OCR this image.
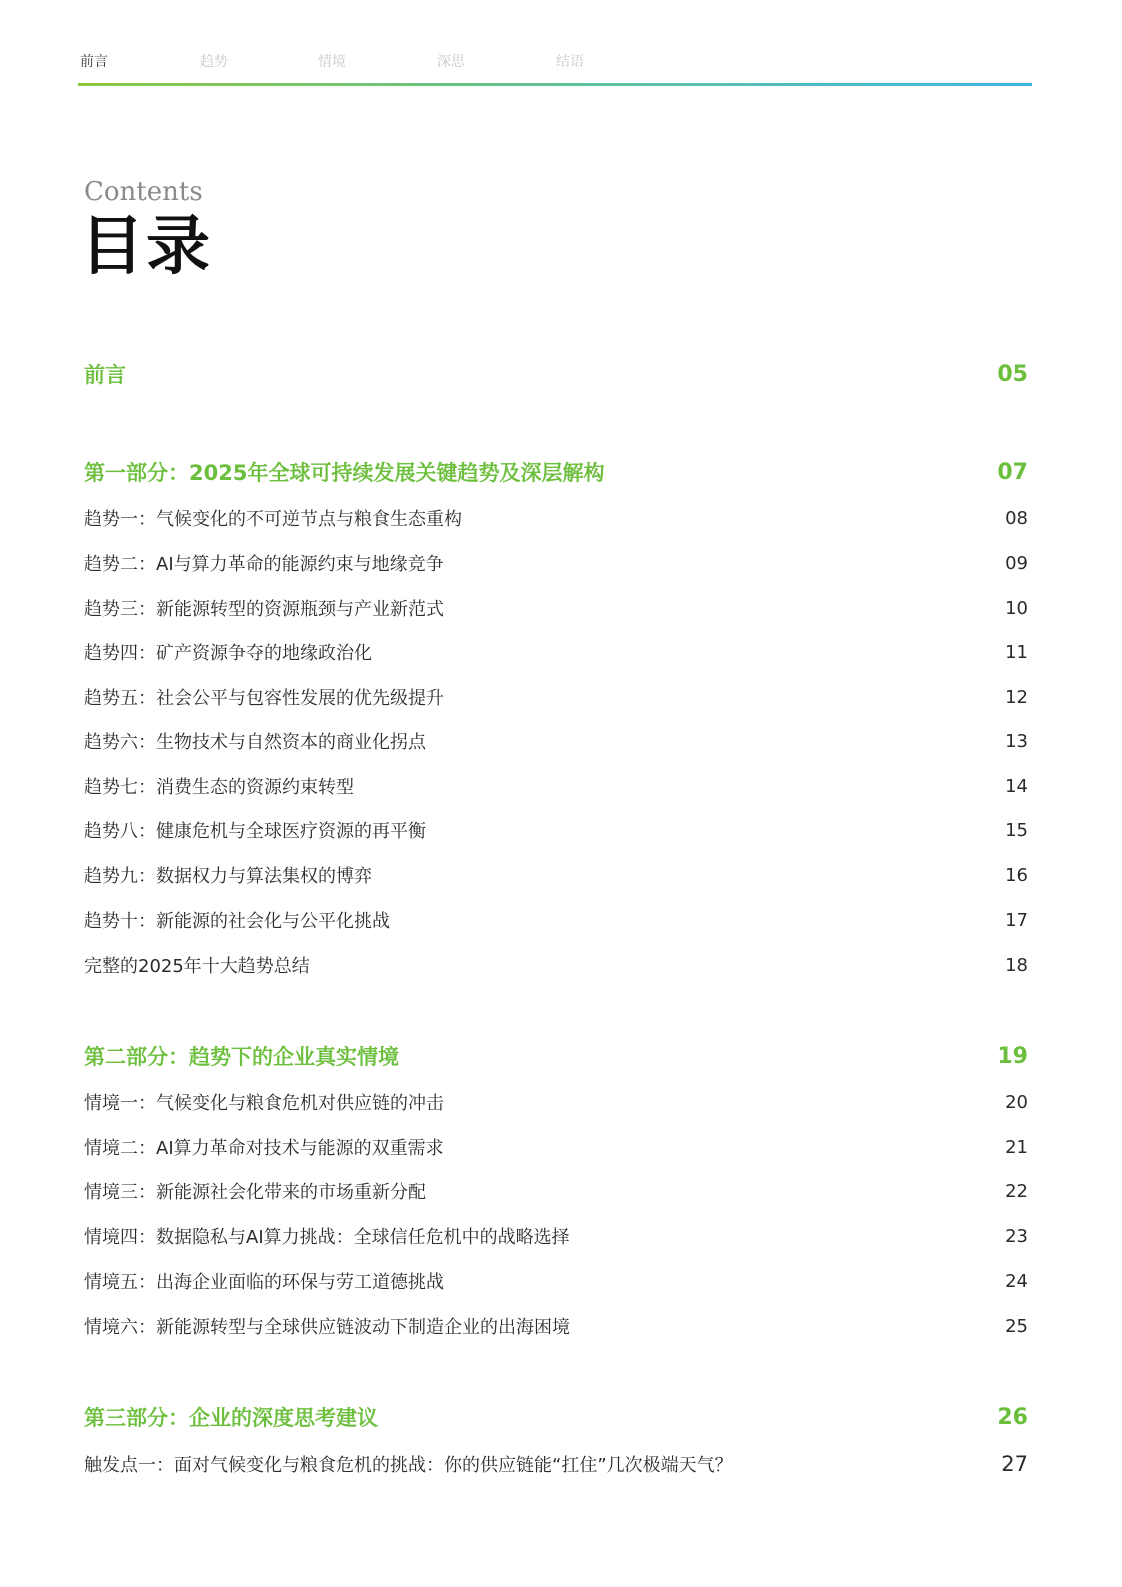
前言	趋势	情境	深思	结语
Contents
目录
前言	05
第一部分：2025年全球可持续发展关键趋势及深层解构	07
趋势一：气候变化的不可逆节点与粮食生态重构	08
趋势二：AI与算力革命的能源约束与地缘竞争	09
趋势三：新能源转型的资源瓶颈与产业新范式	10
趋势四：矿产资源争夺的地缘政治化	11
趋势五：社会公平与包容性发展的优先级提升	12
趋势六：生物技术与自然资本的商业化拐点	13
趋势七：消费生态的资源约束转型	14
趋势八：健康危机与全球医疗资源的再平衡	15
趋势九：数据权力与算法集权的博弈	16
趋势十：新能源的社会化与公平化挑战	17
完整的2025年十大趋势总结	18
第二部分：趋势下的企业真实情境	19
情境一：气候变化与粮食危机对供应链的冲击	20
情境二：AI算力革命对技术与能源的双重需求	21
情境三：新能源社会化带来的市场重新分配	22
情境四：数据隐私与AI算力挑战：全球信任危机中的战略选择	23
情境五：出海企业面临的环保与劳工道德挑战	24
情境六：新能源转型与全球供应链波动下制造企业的出海困境	25
第三部分：企业的深度思考建议	26
触发点一：面对气候变化与粮食危机的挑战：你的供应链能“扛住”几次极端天气？	27
